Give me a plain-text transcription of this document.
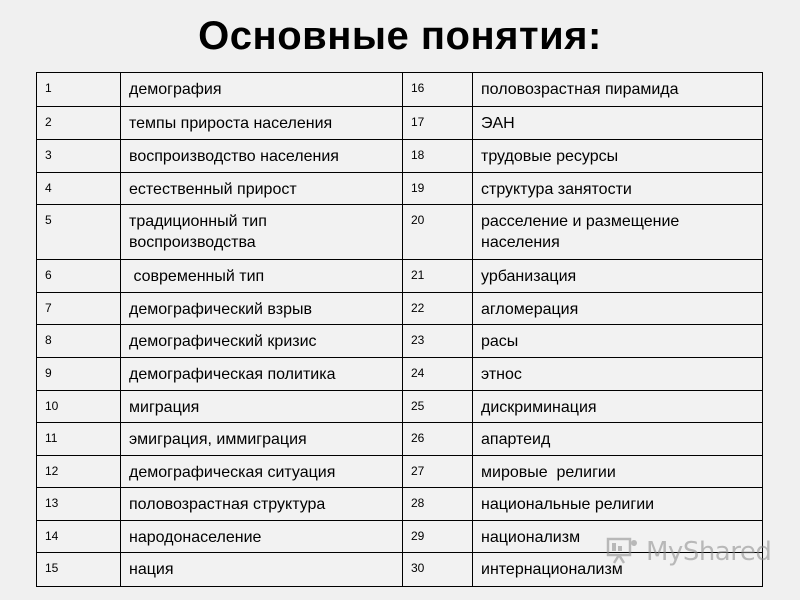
Основные понятия:
1	демография	16	половозрастная пирамида
2	темпы прироста населения	17	ЭАН
3	воспроизводство населения	18	трудовые ресурсы
4	естественный прирост	19	структура занятости
5	традиционный тип воспроизводства	20	расселение и размещение населения
6	современный тип	21	урбанизация
7	демографический взрыв	22	агломерация
8	демографический кризис	23	расы
9	демографическая политика	24	этнос
10	миграция	25	дискриминация
11	эмиграция, иммиграция	26	апартеид
12	демографическая ситуация	27	мировые  религии
13	половозрастная структура	28	национальные религии
14	народонаселение	29	национализм
15	нация	30	интернационализм
MyShared
